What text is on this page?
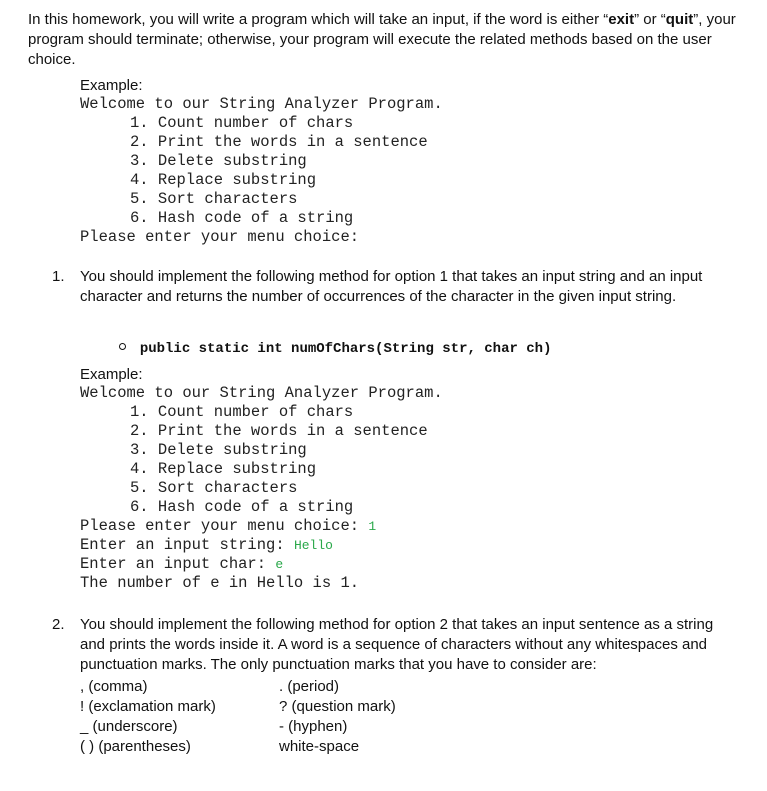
In this homework, you will write a program which will take an input, if the word is either “exit” or “quit”, your program should terminate; otherwise, your program will execute the related methods based on the user choice.
Example:
Welcome to our String Analyzer Program.
1. Count number of chars
2. Print the words in a sentence
3. Delete substring
4. Replace substring
5. Sort characters
6. Hash code of a string
Please enter your menu choice:
1. You should implement the following method for option 1 that takes an input string and an input character and returns the number of occurrences of the character in the given input string.

public static int numOfChars(String str, char ch)

Example:
Welcome to our String Analyzer Program.
1. Count number of chars
2. Print the words in a sentence
3. Delete substring
4. Replace substring
5. Sort characters
6. Hash code of a string
Please enter your menu choice: 1
Enter an input string: Hello
Enter an input char: e
The number of e in Hello is 1.
2. You should implement the following method for option 2 that takes an input sentence as a string and prints the words inside it. A word is a sequence of characters without any whitespaces and punctuation marks. The only punctuation marks that you have to consider are:
, (comma)	. (period)
! (exclamation mark)	? (question mark)
_ (underscore)	- (hyphen)
( ) (parentheses)	white-space
